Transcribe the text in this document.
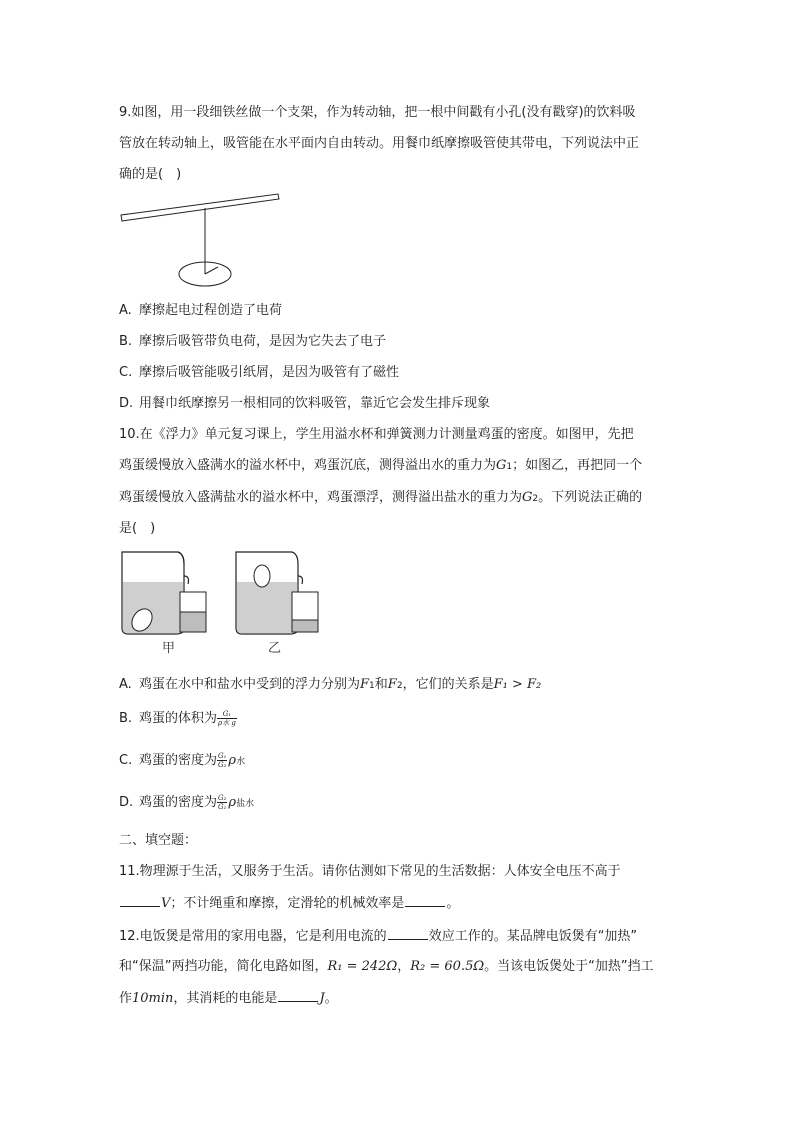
9.如图，用一段细铁丝做一个支架，作为转动轴，把一根中间戳有小孔(没有戳穿)的饮料吸
管放在转动轴上，吸管能在水平面内自由转动。用餐巾纸摩擦吸管使其带电，下列说法中正
确的是(　)
A. 摩擦起电过程创造了电荷
B. 摩擦后吸管带负电荷，是因为它失去了电子
C. 摩擦后吸管能吸引纸屑，是因为吸管有了磁性
D. 用餐巾纸摩擦另一根相同的饮料吸管，靠近它会发生排斥现象
10.在《浮力》单元复习课上，学生用溢水杯和弹簧测力计测量鸡蛋的密度。如图甲，先把
鸡蛋缓慢放入盛满水的溢水杯中，鸡蛋沉底，测得溢出水的重力为G1；如图乙，再把同一个
鸡蛋缓慢放入盛满盐水的溢水杯中，鸡蛋漂浮，测得溢出盐水的重力为G2。下列说法正确的
是(　)
甲	乙
A. 鸡蛋在水中和盐水中受到的浮力分别为F1和F2，它们的关系是F₁ > F₂
B. 鸡蛋的体积为 $\frac{\text{G₁}}{\text{ρ水 g}}$
C. 鸡蛋的密度为 $\frac{\text{G₁}}{\text{G₂}}$ ρ水
D. 鸡蛋的密度为 $\frac{\text{G₂}}{\text{G₁}}$ ρ盐水
二、填空题：
11.物理源于生活，又服务于生活。请你估测如下常见的生活数据：人体安全电压不高于
V；不计绳重和摩擦，定滑轮的机械效率是	。
12.电饭煲是常用的家用电器，它是利用电流的	效应工作的。某品牌电饭煲有“加热”
和“保温”两挡功能，简化电路如图，R₁ = 242Ω，R₂ = 60.5Ω。当该电饭煲处于“加热”挡工
作10min，其消耗的电能是	J。
